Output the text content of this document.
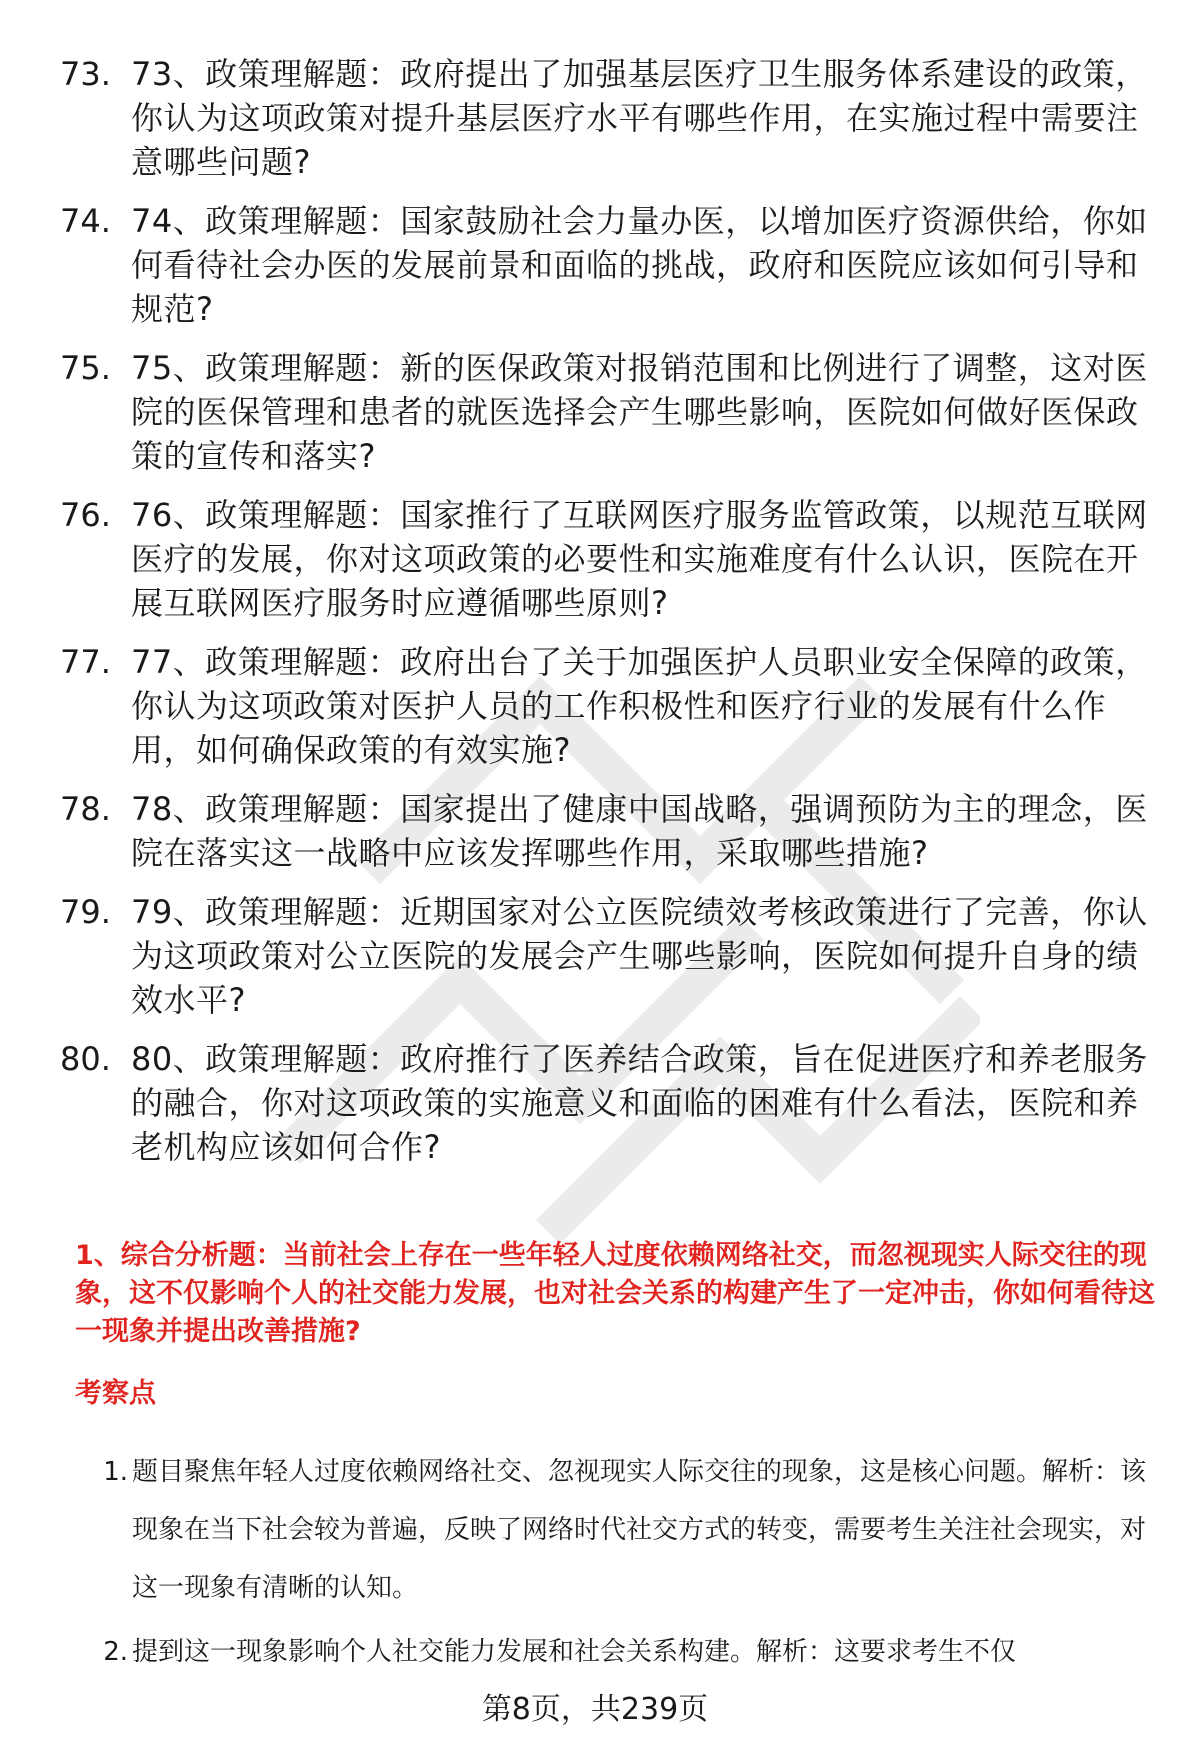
73. 73、政策理解题：政府提出了加强基层医疗卫生服务体系建设的政策，你认为这项政策对提升基层医疗水平有哪些作用，在实施过程中需要注意哪些问题?
74. 74、政策理解题：国家鼓励社会力量办医，以增加医疗资源供给，你如何看待社会办医的发展前景和面临的挑战，政府和医院应该如何引导和规范?
75. 75、政策理解题：新的医保政策对报销范围和比例进行了调整，这对医院的医保管理和患者的就医选择会产生哪些影响，医院如何做好医保政策的宣传和落实?
76. 76、政策理解题：国家推行了互联网医疗服务监管政策，以规范互联网医疗的发展，你对这项政策的必要性和实施难度有什么认识，医院在开展互联网医疗服务时应遵循哪些原则?
77. 77、政策理解题：政府出台了关于加强医护人员职业安全保障的政策，你认为这项政策对医护人员的工作积极性和医疗行业的发展有什么作用，如何确保政策的有效实施?
78. 78、政策理解题：国家提出了健康中国战略，强调预防为主的理念，医院在落实这一战略中应该发挥哪些作用，采取哪些措施?
79. 79、政策理解题：近期国家对公立医院绩效考核政策进行了完善，你认为这项政策对公立医院的发展会产生哪些影响，医院如何提升自身的绩效水平?
80. 80、政策理解题：政府推行了医养结合政策，旨在促进医疗和养老服务的融合，你对这项政策的实施意义和面临的困难有什么看法，医院和养老机构应该如何合作?
1、综合分析题：当前社会上存在一些年轻人过度依赖网络社交，而忽视现实人际交往的现象，这不仅影响个人的社交能力发展，也对社会关系的构建产生了一定冲击，你如何看待这一现象并提出改善措施?
考察点
1. 题目聚焦年轻人过度依赖网络社交、忽视现实人际交往的现象，这是核心问题。解析：该现象在当下社会较为普遍，反映了网络时代社交方式的转变，需要考生关注社会现实，对这一现象有清晰的认知。
2. 提到这一现象影响个人社交能力发展和社会关系构建。解析：这要求考生不仅
第8页，共239页
